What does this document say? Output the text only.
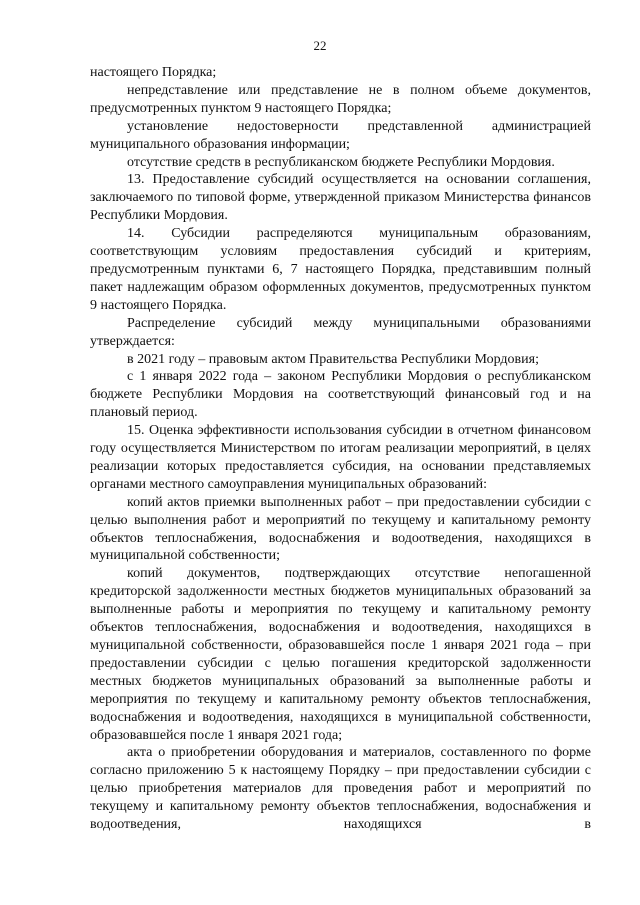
22

настоящего Порядка;

непредставление или представление не в полном объеме документов, предусмотренных пунктом 9 настоящего Порядка;

установление недостоверности представленной администрацией муниципального образования информации;

отсутствие средств в республиканском бюджете Республики Мордовия.

13. Предоставление субсидий осуществляется на основании соглашения, заключаемого по типовой форме, утвержденной приказом Министерства финансов Республики Мордовия.

14. Субсидии распределяются муниципальным образованиям, соответствующим условиям предоставления субсидий и критериям, предусмотренным пунктами 6, 7 настоящего Порядка, представившим полный пакет надлежащим образом оформленных документов, предусмотренных пунктом 9 настоящего Порядка.

Распределение субсидий между муниципальными образованиями утверждается:

в 2021 году – правовым актом Правительства Республики Мордовия;

с 1 января 2022 года – законом Республики Мордовия о республиканском бюджете Республики Мордовия на соответствующий финансовый год и на плановый период.

15. Оценка эффективности использования субсидии в отчетном финансовом году осуществляется Министерством по итогам реализации мероприятий, в целях реализации которых предоставляется субсидия, на основании представляемых органами местного самоуправления муниципальных образований:

копий актов приемки выполненных работ – при предоставлении субсидии с целью выполнения работ и мероприятий по текущему и капитальному ремонту объектов теплоснабжения, водоснабжения и водоотведения, находящихся в муниципальной собственности;

копий документов, подтверждающих отсутствие непогашенной кредиторской задолженности местных бюджетов муниципальных образований за выполненные работы и мероприятия по текущему и капитальному ремонту объектов теплоснабжения, водоснабжения и водоотведения, находящихся в муниципальной собственности, образовавшейся после 1 января 2021 года – при предоставлении субсидии с целью погашения кредиторской задолженности местных бюджетов муниципальных образований за выполненные работы и мероприятия по текущему и капитальному ремонту объектов теплоснабжения, водоснабжения и водоотведения, находящихся в муниципальной собственности, образовавшейся после 1 января 2021 года;

акта о приобретении оборудования и материалов, составленного по форме согласно приложению 5 к настоящему Порядку – при предоставлении субсидии с целью приобретения материалов для проведения работ и мероприятий по текущему и капитальному ремонту объектов теплоснабжения, водоснабжения и водоотведения, находящихся в
